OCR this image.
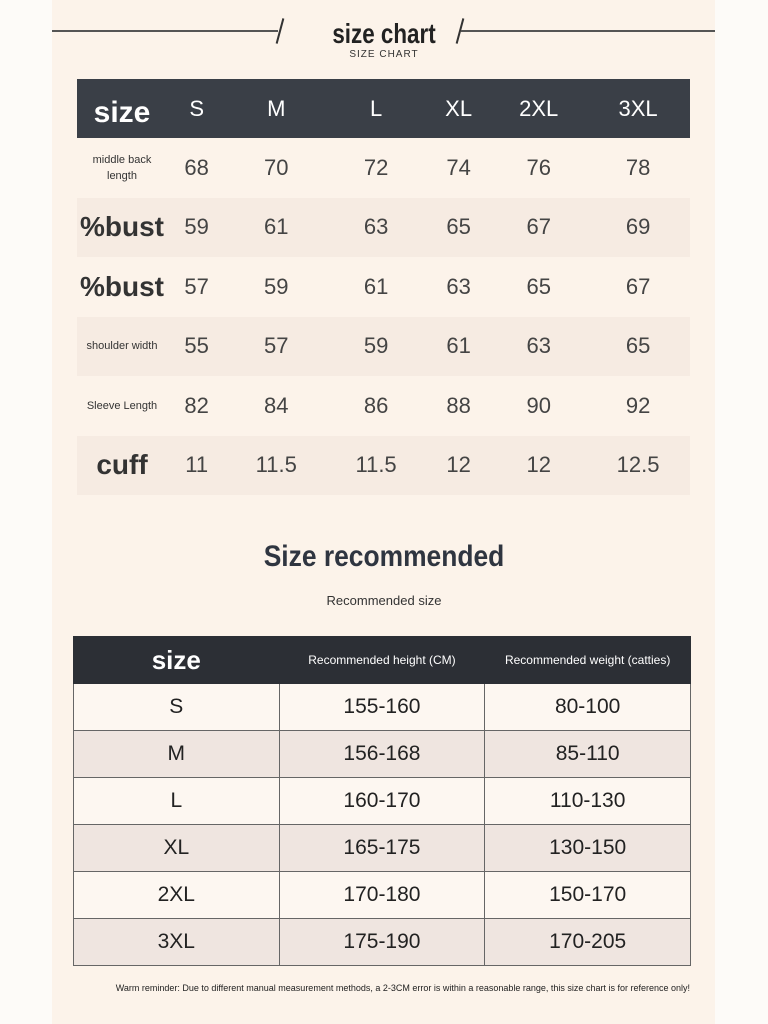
size chart
SIZE CHART
size	S	M	L	XL	2XL	3XL
middle back length	68	70	72	74	76	78
%bust	59	61	63	65	67	69
%bust	57	59	61	63	65	67
shoulder width	55	57	59	61	63	65
Sleeve Length	82	84	86	88	90	92
cuff	11	11.5	11.5	12	12	12.5
Size recommended
Recommended size
size	Recommended height (CM)	Recommended weight (catties)
S	155-160	80-100
M	156-168	85-110
L	160-170	110-130
XL	165-175	130-150
2XL	170-180	150-170
3XL	175-190	170-205
Warm reminder: Due to different manual measurement methods, a 2-3CM error is within a reasonable range, this size chart is for reference only!
